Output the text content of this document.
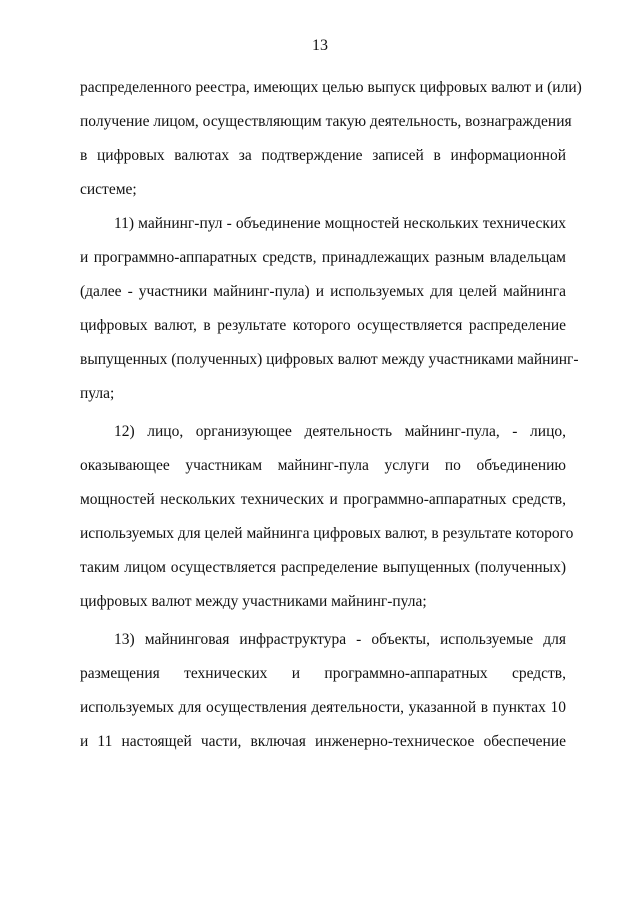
13
распределенного реестра, имеющих целью выпуск цифровых валют и (или)
получение лицом, осуществляющим такую деятельность, вознаграждения
в цифровых валютах за подтверждение записей в информационной
системе;
11) майнинг-пул - объединение мощностей нескольких технических
и программно-аппаратных средств, принадлежащих разным владельцам
(далее - участники майнинг-пула) и используемых для целей майнинга
цифровых валют, в результате которого осуществляется распределение
выпущенных (полученных) цифровых валют между участниками майнинг-
пула;
12) лицо, организующее деятельность майнинг-пула, - лицо,
оказывающее участникам майнинг-пула услуги по объединению
мощностей нескольких технических и программно-аппаратных средств,
используемых для целей майнинга цифровых валют, в результате которого
таким лицом осуществляется распределение выпущенных (полученных)
цифровых валют между участниками майнинг-пула;
13) майнинговая инфраструктура - объекты, используемые для
размещения технических и программно-аппаратных средств,
используемых для осуществления деятельности, указанной в пунктах 10
и 11 настоящей части, включая инженерно-техническое обеспечение
